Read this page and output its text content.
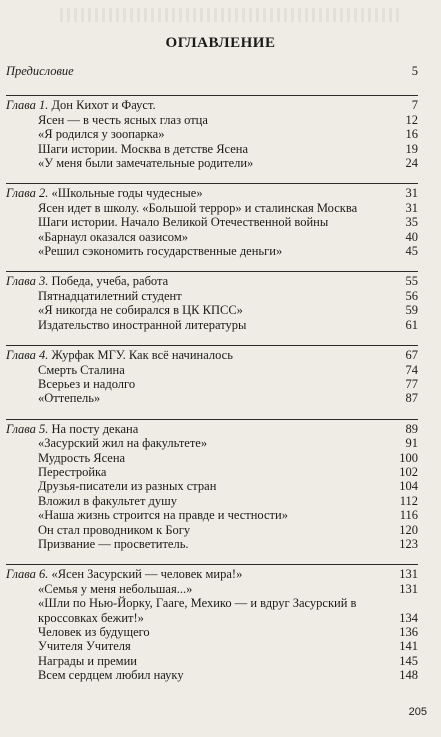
ОГЛАВЛЕНИЕ
Предисловие	5
Глава 1. Дон Кихот и Фауст.	7
Ясен — в честь ясных глаз отца	12
«Я родился у зоопарка»	16
Шаги истории. Москва в детстве Ясена	19
«У меня были замечательные родители»	24
Глава 2. «Школьные годы чудесные»	31
Ясен идет в школу. «Большой террор» и сталинская Москва	31
Шаги истории. Начало Великой Отечественной войны	35
«Барнаул оказался оазисом»	40
«Решил сэкономить государственные деньги»	45
Глава 3. Победа, учеба, работа	55
Пятнадцатилетний студент	56
«Я никогда не собирался в ЦК КПСС»	59
Издательство иностранной литературы	61
Глава 4. Журфак МГУ. Как всё начиналось	67
Смерть Сталина	74
Всерьез и надолго	77
«Оттепель»	87
Глава 5. На посту декана	89
«Засурский жил на факультете»	91
Мудрость Ясена	100
Перестройка	102
Друзья-писатели из разных стран	104
Вложил в факультет душу	112
«Наша жизнь строится на правде и честности»	116
Он стал проводником к Богу	120
Призвание — просветитель.	123
Глава 6. «Ясен Засурский — человек мира!»	131
«Семья у меня небольшая...»	131
«Шли по Нью-Йорку, Гааге, Мехико — и вдруг Засурский в кроссовках бежит!»	134
Человек из будущего	136
Учителя Учителя	141
Награды и премии	145
Всем сердцем любил науку	148
205
